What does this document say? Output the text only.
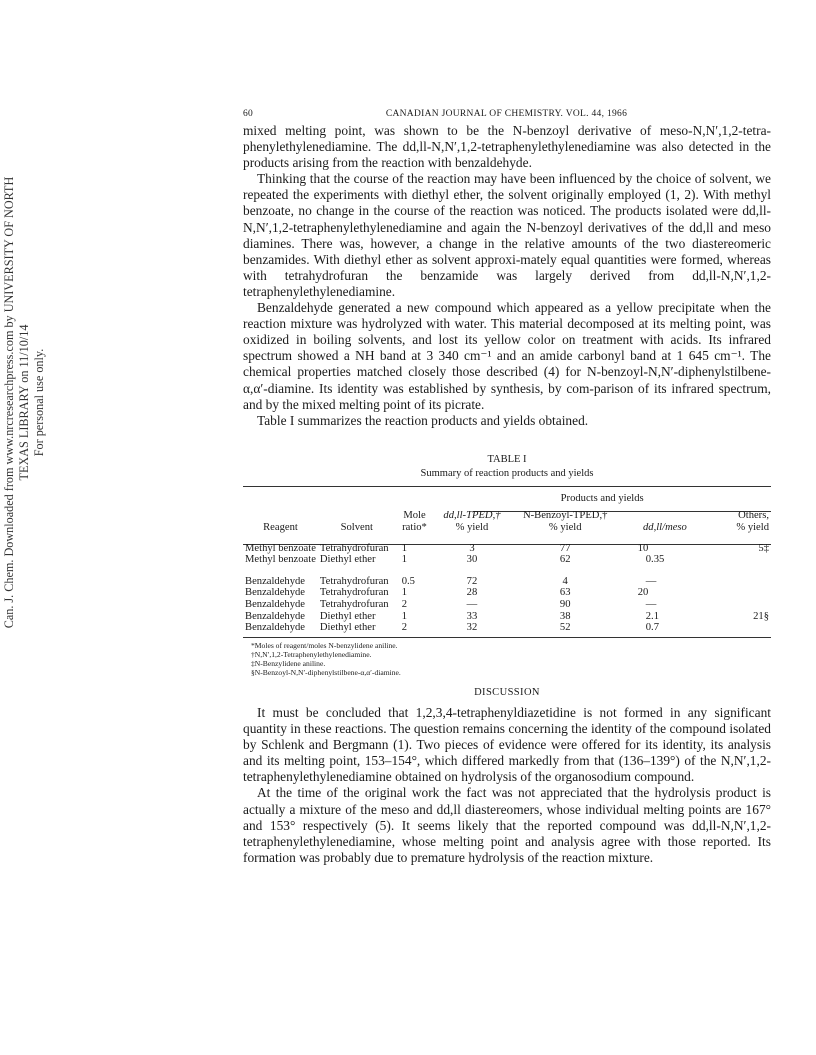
Can. J. Chem. Downloaded from www.nrcresearchpress.com by UNIVERSITY OF NORTH TEXAS LIBRARY on 11/10/14 For personal use only.
60	CANADIAN JOURNAL OF CHEMISTRY. VOL. 44, 1966

mixed melting point, was shown to be the N-benzoyl derivative of meso-N,N′,1,2-tetra-phenylethylenediamine. The dd,ll-N,N′,1,2-tetraphenylethylenediamine was also detected in the products arising from the reaction with benzaldehyde.

Thinking that the course of the reaction may have been influenced by the choice of solvent, we repeated the experiments with diethyl ether, the solvent originally employed (1, 2). With methyl benzoate, no change in the course of the reaction was noticed. The products isolated were dd,ll-N,N′,1,2-tetraphenylethylenediamine and again the N-benzoyl derivatives of the dd,ll and meso diamines. There was, however, a change in the relative amounts of the two diastereomeric benzamides. With diethyl ether as solvent approxi-mately equal quantities were formed, whereas with tetrahydrofuran the benzamide was largely derived from dd,ll-N,N′,1,2-tetraphenylethylenediamine.

Benzaldehyde generated a new compound which appeared as a yellow precipitate when the reaction mixture was hydrolyzed with water. This material decomposed at its melting point, was oxidized in boiling solvents, and lost its yellow color on treatment with acids. Its infrared spectrum showed a NH band at 3 340 cm⁻¹ and an amide carbonyl band at 1 645 cm⁻¹. The chemical properties matched closely those described (4) for N-benzoyl-N,N′-diphenylstilbene-α,α′-diamine. Its identity was established by synthesis, by com-parison of its infrared spectrum, and by the mixed melting point of its picrate.

Table I summarizes the reaction products and yields obtained.

TABLE I
Summary of reaction products and yields
			Products and yields			
		Mole	dd,ll-TPED,†	N-Benzoyl-TPED,†		Others,
Reagent	Solvent	ratio*	% yield	% yield	dd,ll/meso	% yield

Methyl benzoate	Tetrahydrofuran	1	3	77	10	5‡
Methyl benzoate	Diethyl ether	1	30	62	0.35	

Benzaldehyde	Tetrahydrofuran	0.5	72	4	—	
Benzaldehyde	Tetrahydrofuran	1	28	63	20	
Benzaldehyde	Tetrahydrofuran	2	—	90	—	
Benzaldehyde	Diethyl ether	1	33	38	2.1	21§
Benzaldehyde	Diethyl ether	2	32	52	0.7	
*Moles of reagent/moles N-benzylidene aniline.
†N,N′,1,2-Tetraphenylethylenediamine.
‡N-Benzylidene aniline.
§N-Benzoyl-N,N′-diphenylstilbene-α,α′-diamine.
DISCUSSION

It must be concluded that 1,2,3,4-tetraphenyldiazetidine is not formed in any significant quantity in these reactions. The question remains concerning the identity of the compound isolated by Schlenk and Bergmann (1). Two pieces of evidence were offered for its identity, its analysis and its melting point, 153–154°, which differed markedly from that (136–139°) of the N,N′,1,2-tetraphenylethylenediamine obtained on hydrolysis of the organosodium compound.

At the time of the original work the fact was not appreciated that the hydrolysis product is actually a mixture of the meso and dd,ll diastereomers, whose individual melting points are 167° and 153° respectively (5). It seems likely that the reported compound was dd,ll-N,N′,1,2-tetraphenylethylenediamine, whose melting point and analysis agree with those reported. Its formation was probably due to premature hydrolysis of the reaction mixture.
